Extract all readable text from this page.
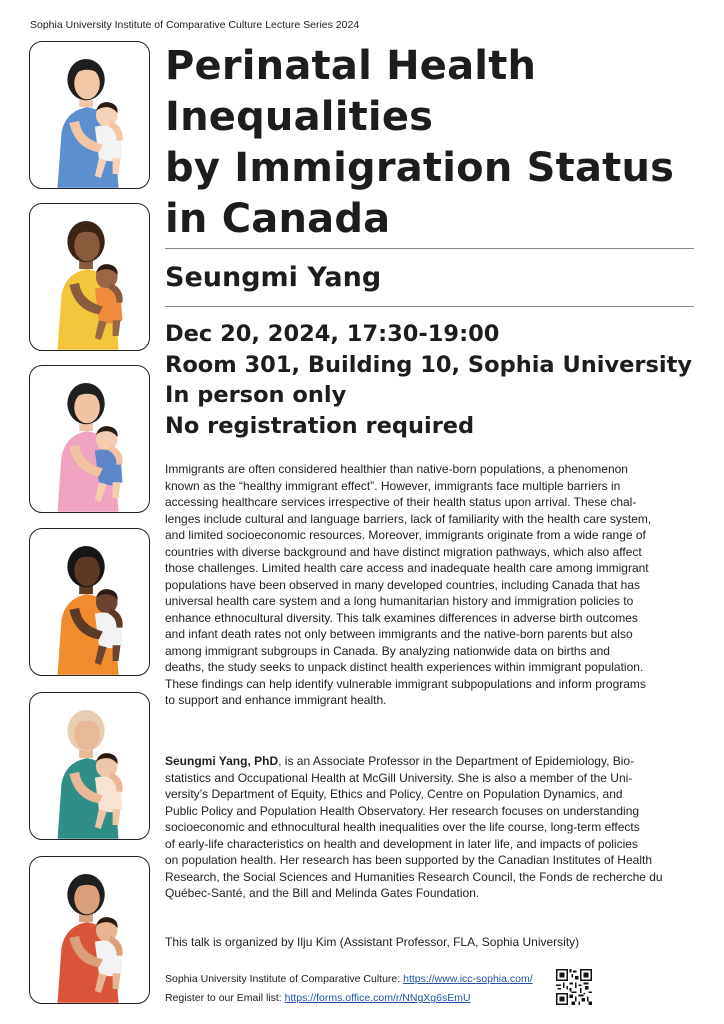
Sophia University Institute of Comparative Culture Lecture Series 2024
Perinatal Health
Inequalities
by Immigration Status
in Canada
Seungmi Yang
Dec 20, 2024, 17:30-19:00
Room 301, Building 10, Sophia University
In person only
No registration required
Immigrants are often considered healthier than native-born populations, a phenomenon
known as the “healthy immigrant effect”. However, immigrants face multiple barriers in
accessing healthcare services irrespective of their health status upon arrival. These chal-
lenges include cultural and language barriers, lack of familiarity with the health care system,
and limited socioeconomic resources. Moreover, immigrants originate from a wide range of
countries with diverse background and have distinct migration pathways, which also affect
those challenges. Limited health care access and inadequate health care among immigrant
populations have been observed in many developed countries, including Canada that has
universal health care system and a long humanitarian history and immigration policies to
enhance ethnocultural diversity. This talk examines differences in adverse birth outcomes
and infant death rates not only between immigrants and the native-born parents but also
among immigrant subgroups in Canada. By analyzing nationwide data on births and
deaths, the study seeks to unpack distinct health experiences within immigrant population.
These findings can help identify vulnerable immigrant subpopulations and inform programs
to support and enhance immigrant health.
Seungmi Yang, PhD, is an Associate Professor in the Department of Epidemiology, Bio-
statistics and Occupational Health at McGill University. She is also a member of the Uni-
versity’s Department of Equity, Ethics and Policy, Centre on Population Dynamics, and
Public Policy and Population Health Observatory. Her research focuses on understanding
socioeconomic and ethnocultural health inequalities over the life course, long-term effects
of early-life characteristics on health and development in later life, and impacts of policies
on population health. Her research has been supported by the Canadian Institutes of Health
Research, the Social Sciences and Humanities Research Council, the Fonds de recherche du
Québec-Santé, and the Bill and Melinda Gates Foundation.
This talk is organized by Ilju Kim (Assistant Professor, FLA, Sophia University)
Sophia University Institute of Comparative Culture: https://www.icc-sophia.com/
Register to our Email list: https://forms.office.com/r/NNgXg6sEmU
